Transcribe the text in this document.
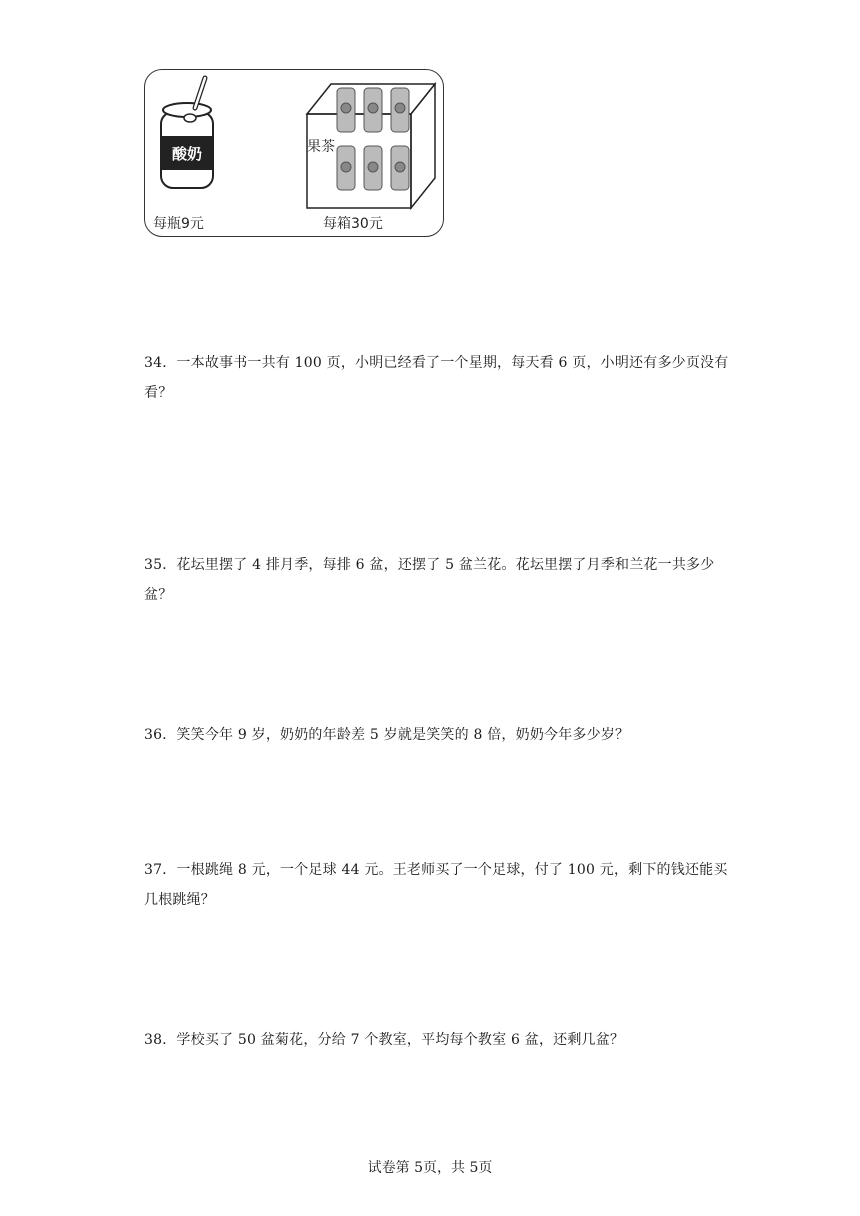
酸奶
每瓶9元
果茶
每箱30元
34．一本故事书一共有 100 页，小明已经看了一个星期，每天看 6 页，小明还有多少页没有看？
35．花坛里摆了 4 排月季，每排 6 盆，还摆了 5 盆兰花。花坛里摆了月季和兰花一共多少盆？
36．笑笑今年 9 岁，奶奶的年龄差 5 岁就是笑笑的 8 倍，奶奶今年多少岁？
37．一根跳绳 8 元，一个足球 44 元。王老师买了一个足球，付了 100 元，剩下的钱还能买几根跳绳？
38．学校买了 50 盆菊花，分给 7 个教室，平均每个教室 6 盆，还剩几盆？
试卷第 5页，共 5页
